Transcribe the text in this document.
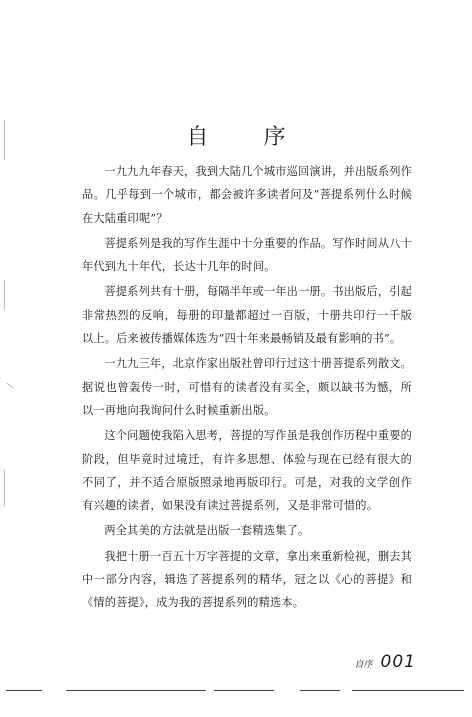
自 序

一九九九年春天，我到大陆几个城市巡回演讲，并出版系列作品。几乎每到一个城市，都会被许多读者问及“菩提系列什么时候在大陆重印呢”？

菩提系列是我的写作生涯中十分重要的作品。写作时间从八十年代到九十年代，长达十几年的时间。

菩提系列共有十册，每隔半年或一年出一册。书出版后，引起非常热烈的反响，每册的印量都超过一百版，十册共印行一千版以上。后来被传播媒体选为“四十年来最畅销及最有影响的书”。

一九九三年，北京作家出版社曾印行过这十册菩提系列散文。据说也曾轰传一时，可惜有的读者没有买全，颇以缺书为憾，所以一再地向我询问什么时候重新出版。

这个问题使我陷入思考，菩提的写作虽是我创作历程中重要的阶段，但毕竟时过境迁，有许多思想、体验与现在已经有很大的不同了，并不适合原版照录地再版印行。可是，对我的文学创作有兴趣的读者，如果没有读过菩提系列，又是非常可惜的。

两全其美的方法就是出版一套精选集了。

我把十册一百五十万字菩提的文章，拿出来重新检视，删去其中一部分内容，辑选了菩提系列的精华，冠之以《心的菩提》和《情的菩提》，成为我的菩提系列的精选本。

自序 001
